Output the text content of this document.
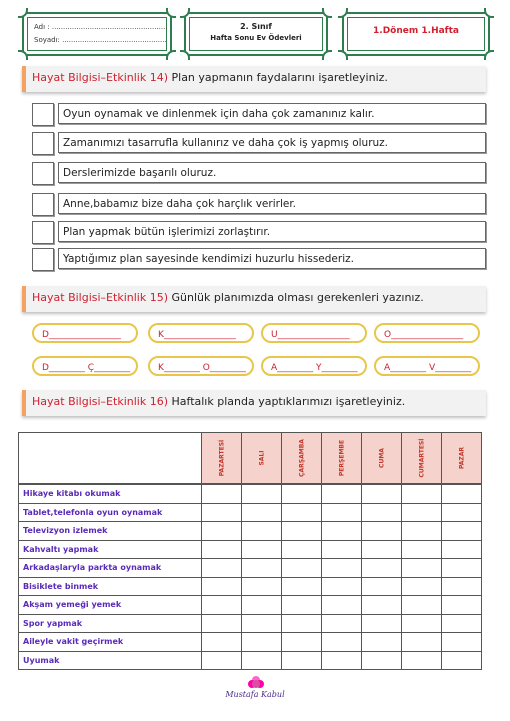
Adı : ....................................................
Soyadı: ...............................................
2. Sınıf
Hafta Sonu Ev Ödevleri
1.Dönem 1.Hafta
Hayat Bilgisi–Etkinlik 14) Plan yapmanın faydalarını işaretleyiniz.
Oyun oynamak ve dinlenmek için daha çok zamanınız kalır.
Zamanımızı tasarrufla kullanırız ve daha çok iş yapmış oluruz.
Derslerimizde başarılı oluruz.
Anne,babamız bize daha çok harçlık verirler.
Plan yapmak bütün işlerimizi zorlaştırır.
Yaptığımız plan sayesinde kendimizi huzurlu hissederiz.
Hayat Bilgisi–Etkinlik 15) Günlük planımızda olması gerekenleri yazınız.
D________________	K________________	U________________	O________________
D________ Ç________	K________ O________	A________ Y________	A________ V________
Hayat Bilgisi–Etkinlik 16) Haftalık planda yaptıklarımızı işaretleyiniz.

	PAZARTESİ	SALI	ÇARŞAMBA	PERŞEMBE	CUMA	CUMARTESİ	PAZAR

Hikaye kitabı okumak							
Tablet,telefonla oyun oynamak							
Televizyon izlemek							
Kahvaltı yapmak							
Arkadaşlaryla parkta oynamak							
Bisiklete binmek							
Akşam yemeği yemek							
Spor yapmak							
Aileyle vakit geçirmek							
Uyumak							
Mustafa Kabul
